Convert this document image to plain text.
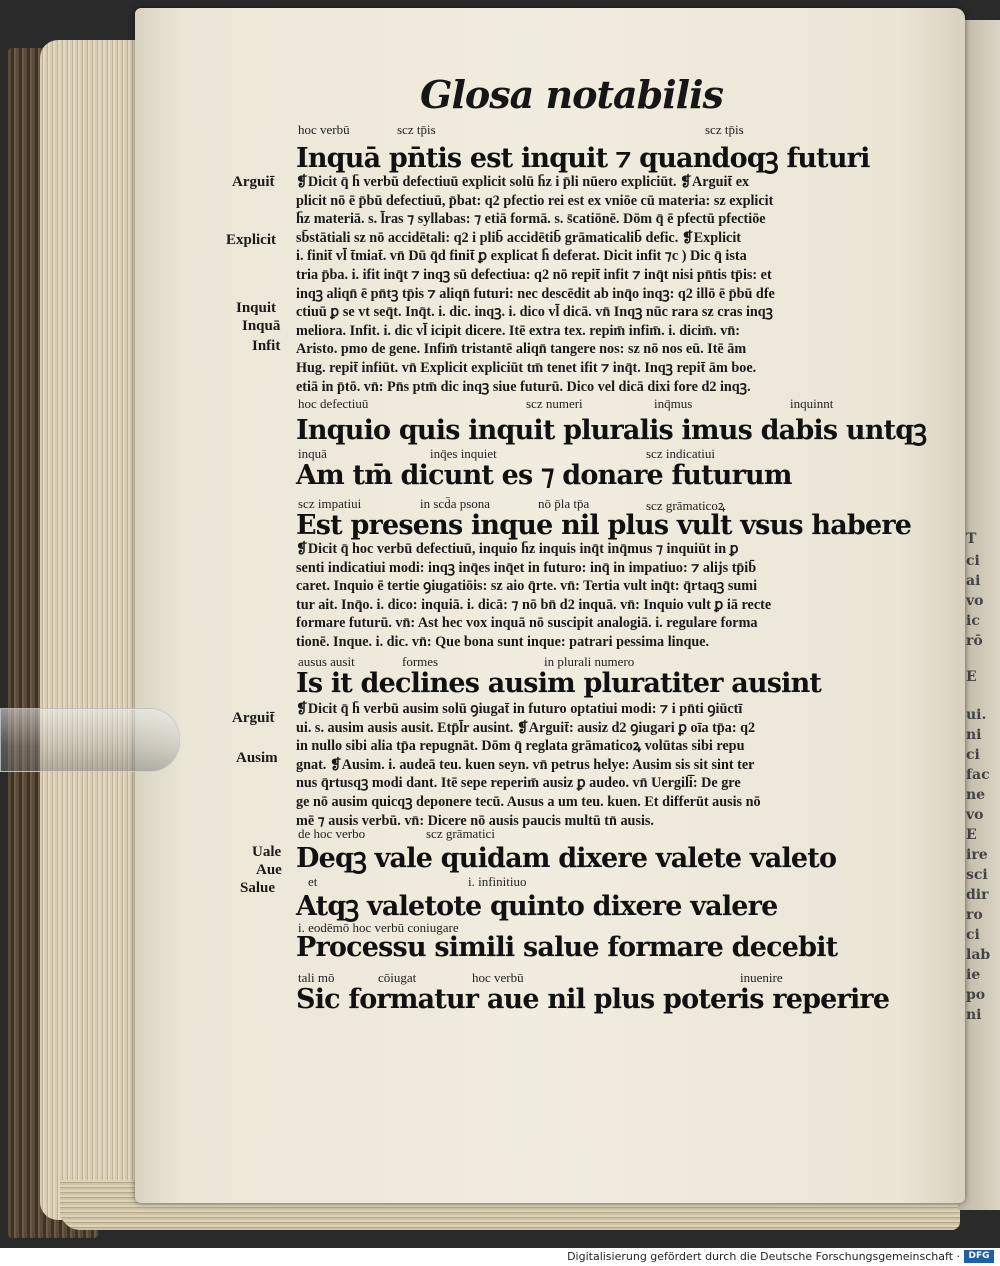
T
ci
ai
vo
ic
rō
E
ui.
ni
ci
fac
ne
vo
E
ire
sci
dir
ro
ci
lab
ie
po
ni
Glosa notabilis
hoc verbū	scz tp̄is	scz tp̄is
Inquā pn̄tis est inquit ⁊ quandoqꝫ futuri
hoc defectiuū	scz numeri	inq̄mus	inquinnt
Inquio quis inquit pluralis imus dabis untqꝫ
inquā	inq̄es inquiet	scz indicatiui
Am tm̄ dicunt es ⁊ donare futurum
scz impatiui	in scd̄a psona	nō p̄la tp̄a	scz grāmaticoꝝ
Est presens inque nil plus vult vsus habere
ausus ausit	formes	in plurali numero
Is it declines ausim pluratiter ausint
de hoc verbo	scz grāmatici
Deqꝫ vale quidam dixere valete valeto
et	i. infinitiuo
Atqꝫ valetote quinto dixere valere
i. eodēmō hoc verbū coniugare
Processu simili salue formare decebit
tali mō	cōiugat	hoc verbū	inuenire
Sic formatur aue nil plus poteris reperire
❡Dicit q̄ h̄ verbū defectiuū explicit solū h̄z i p̄li nūero expliciūt. ❡Arguit̄ ex
plicit nō ē p̄bū defectiuū, p̄bat: q2 pfectio rei est ex vniōe cū materia: sz explicit
h̄z materiā. s. l̄ras ⁊ syllabas: ⁊ etiā formā. s. s̄catiōnē. Dōm q̄ ē pfectū pfectiōe
sb̄stātiali sz nō accidētali: q2 i plib̄ accidētib̄ grāmaticalib̄ defic. ❡Explicit
i. finit̄ vl̄ t̄miat̄. vn̄ Dū q̄d finit̄ ꝑ explicat h̄ deferat. Dicit infit ⁊c ) Dic q̄ ista
tria p̄ba. i. ifit inq̄t ⁊ inqꝫ sū defectiua: q2 nō repit̄ infit ⁊ inq̄t nisi pn̄tis tp̄is: et
inqꝫ aliqn̄ ē pn̄tꝫ tp̄is ⁊ aliqn̄ futuri: nec descēdit ab inq̄o inqꝫ: q2 illō ē p̄bū dfe
ctiuū ꝑ se vt seq̄t. Inq̄t. i. dic. inqꝫ. i. dico vl̄ dicā. vn̄ Inqꝫ nūc rara sz cras inqꝫ
meliora. Infit. i. dic vl̄ icipit dicere. Itē extra tex. repim̄ infim̄. i. dicim̄. vn̄:
Aristo. pmo de gene. Infim̄ tristantē aliqn̄ tangere nos: sz nō nos eū. Itē ām
Hug. repit̄ infiūt. vn̄ Explicit expliciūt tm̄ tenet ifit ⁊ inq̄t. Inqꝫ repit̄ ām boe.
etiā in p̄tō. vn̄: Pn̄s ptm̄ dic inqꝫ siue futurū. Dico vel dicā dixi fore d2 inqꝫ.
❡Dicit q̄ hoc verbū defectiuū, inquio h̄z inquis inq̄t inq̄mus ⁊ inquiūt in ꝑ
senti indicatiui modi: inqꝫ inq̄es inq̄et in futuro: inq̄ in impatiuo: ⁊ alijs tp̄ib̄
caret. Inquio ē tertie ꝯiugatiōis: sz aio q̄rte. vn̄: Tertia vult inq̄t: q̄rtaqꝫ sumi
tur ait. Inq̄o. i. dico: inquiā. i. dicā: ⁊ nō bn̄ d2 inquā. vn̄: Inquio vult ꝑ iā recte
formare futurū. vn̄: Ast hec vox inquā nō suscipit analogiā. i. regulare forma
tionē. Inque. i. dic. vn̄: Que bona sunt inque: patrari pessima linque.
❡Dicit q̄ h̄ verbū ausim solū ꝯiugat̄ in futuro optatiui modi: ⁊ i pn̄ti ꝯiūctī
ui. s. ausim ausis ausit. Etp̄l̄r ausint. ❡Arguit̄: ausiz d2 ꝯiugari ꝑ oīa tp̄a: q2
in nullo sibi alia tp̄a repugnāt. Dōm q̄ reglata grāmaticoꝝ volūtas sibi repu
gnat. ❡Ausim. i. audeā teu. kuen seyn. vn̄ petrus helye: Ausim sis sit sint ter
nus q̄rtusqꝫ modi dant. Itē sepe reperim̄ ausiz ꝑ audeo. vn̄ Uergili̅: De gre
ge nō ausim quicqꝫ deponere tecū. Ausus a um teu. kuen. Et differūt ausis nō
mē ⁊ ausis verbū. vn̄: Dicere nō ausis paucis multū tn̄ ausis.
Arguit̄
Explicit
Inquit
Inquā
Infit
Arguit̄
Ausim
Uale
Aue
Salue
Digitalisierung gefördert durch die Deutsche Forschungsgemeinschaft · DFG
